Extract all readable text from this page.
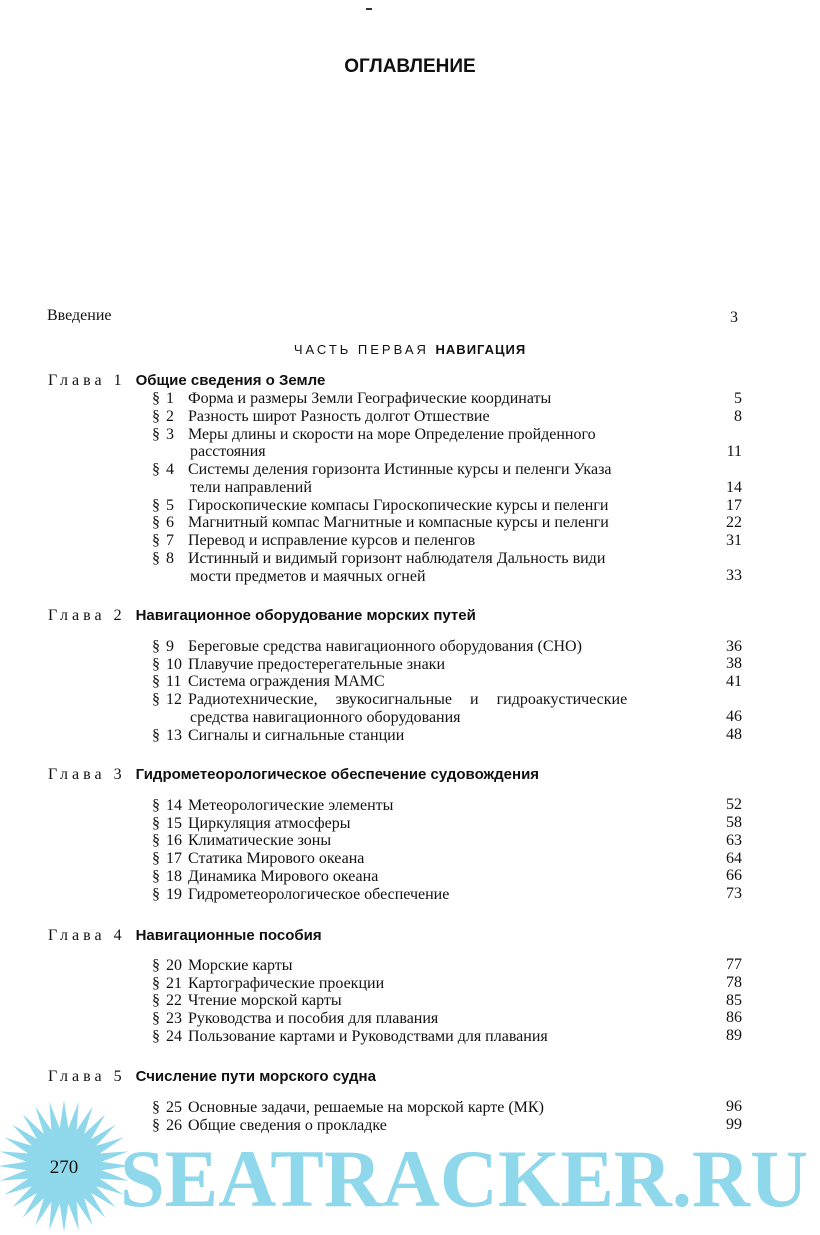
ОГЛАВЛЕНИЕ
Введение	3
ЧАСТЬ ПЕРВАЯ НАВИГАЦИЯ
Глава 1 Общие сведения о Земле
§ 1 Форма и размеры Земли Географические координаты	5
§ 2 Разность широт Разность долгот Отшествие	8
§ 3 Меры длины и скорости на море Определение пройденного
расстояния	11
§ 4 Системы деления горизонта Истинные курсы и пеленги Указа
тели направлений	14
§ 5 Гироскопические компасы Гироскопические курсы и пеленги	17
§ 6 Магнитный компас Магнитные и компасные курсы и пеленги	22
§ 7 Перевод и исправление курсов и пеленгов	31
§ 8 Истинный и видимый горизонт наблюдателя Дальность види
мости предметов и маячных огней	33
Глава 2 Навигационное оборудование морских путей
§ 9 Береговые средства навигационного оборудования (СНО)	36
§ 10 Плавучие предостерегательные знаки	38
§ 11 Система ограждения МАМС	41
§ 12 Радиотехнические, звукосигнальные и гидроакустические
средства навигационного оборудования	46
§ 13 Сигналы и сигнальные станции	48
Глава 3 Гидрометеорологическое обеспечение судовождения
§ 14 Метеорологические элементы	52
§ 15 Циркуляция атмосферы	58
§ 16 Климатические зоны	63
§ 17 Статика Мирового океана	64
§ 18 Динамика Мирового океана	66
§ 19 Гидрометеорологическое обеспечение	73
Глава 4 Навигационные пособия
§ 20 Морские карты	77
§ 21 Картографические проекции	78
§ 22 Чтение морской карты	85
§ 23 Руководства и пособия для плавания	86
§ 24 Пользование картами и Руководствами для плавания	89
Глава 5 Счисление пути морского судна
§ 25 Основные задачи, решаемые на морской карте (МК)	96
§ 26 Общие сведения о прокладке	99
270 SEATRACKER.RU
